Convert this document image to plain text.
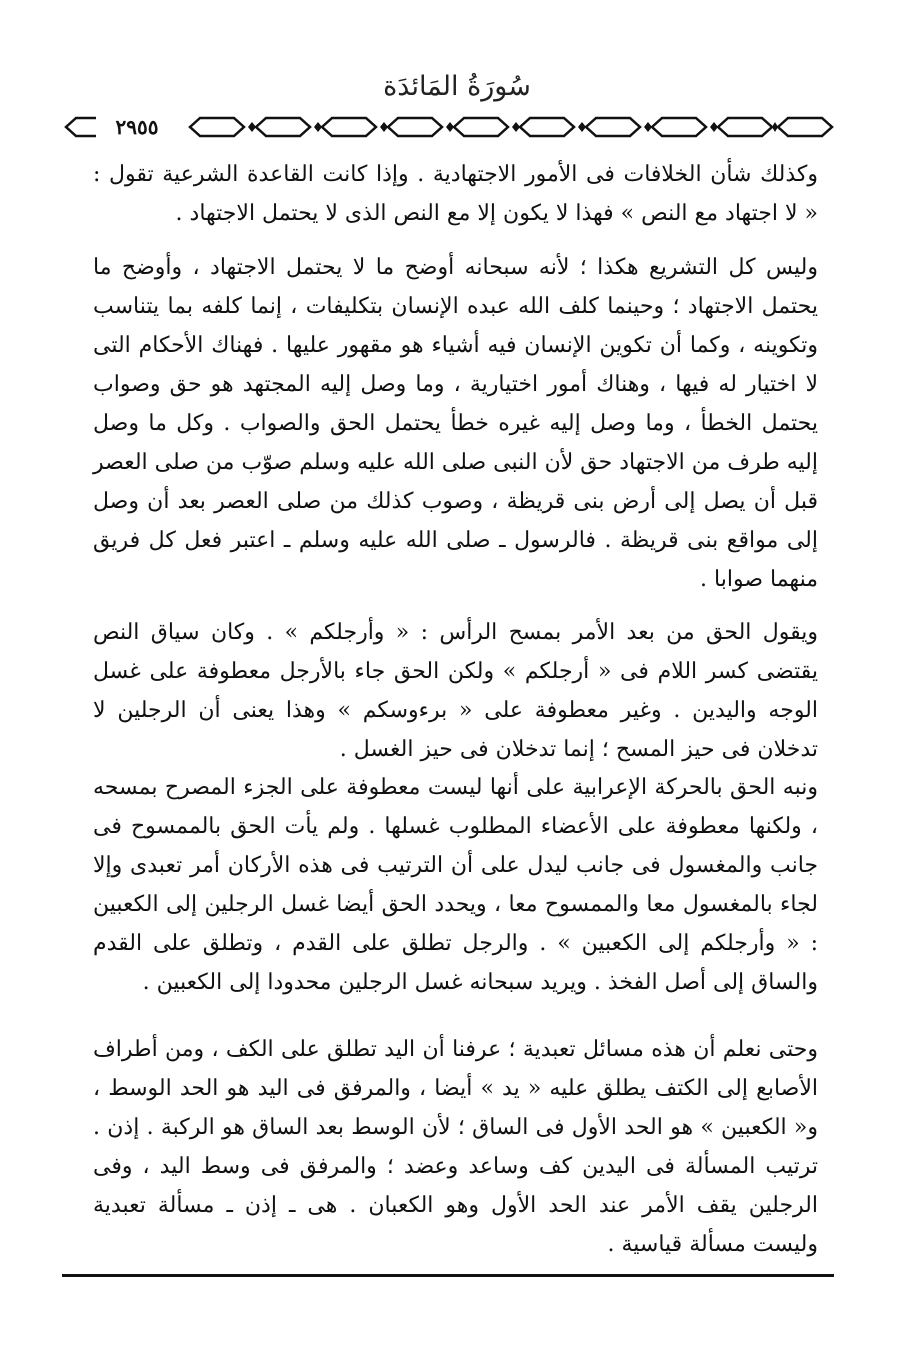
سُورَةُ المَائدَة
٢٩٥٥

وكذلك شأن الخلافات فى الأمور الاجتهادية . وإذا كانت القاعدة الشرعية تقول : « لا اجتهاد مع النص » فهذا لا يكون إلا مع النص الذى لا يحتمل الاجتهاد .

وليس كل التشريع هكذا ؛ لأنه سبحانه أوضح ما لا يحتمل الاجتهاد ، وأوضح ما يحتمل الاجتهاد ؛ وحينما كلف الله عبده الإنسان بتكليفات ، إنما كلفه بما يتناسب وتكوينه ، وكما أن تكوين الإنسان فيه أشياء هو مقهور عليها . فهناك الأحكام التى لا اختيار له فيها ، وهناك أمور اختيارية ، وما وصل إليه المجتهد هو حق وصواب يحتمل الخطأ ، وما وصل إليه غيره خطأ يحتمل الحق والصواب . وكل ما وصل إليه طرف من الاجتهاد حق لأن النبى صلى الله عليه وسلم صوّب من صلى العصر قبل أن يصل إلى أرض بنى قريظة ، وصوب كذلك من صلى العصر بعد أن وصل إلى مواقع بنى قريظة . فالرسول ـ صلى الله عليه وسلم ـ اعتبر فعل كل فريق منهما صوابا .

ويقول الحق من بعد الأمر بمسح الرأس : « وأرجلكم » . وكان سياق النص يقتضى كسر اللام فى « أرجلكم » ولكن الحق جاء بالأرجل معطوفة على غسل الوجه واليدين . وغير معطوفة على « برءوسكم » وهذا يعنى أن الرجلين لا تدخلان فى حيز المسح ؛ إنما تدخلان فى حيز الغسل .

ونبه الحق بالحركة الإعرابية على أنها ليست معطوفة على الجزء المصرح بمسحه ، ولكنها معطوفة على الأعضاء المطلوب غسلها . ولم يأت الحق بالممسوح فى جانب والمغسول فى جانب ليدل على أن الترتيب فى هذه الأركان أمر تعبدى وإلا لجاء بالمغسول معا والممسوح معا ، ويحدد الحق أيضا غسل الرجلين إلى الكعبين : « وأرجلكم إلى الكعبين » . والرجل تطلق على القدم ، وتطلق على القدم والساق إلى أصل الفخذ . ويريد سبحانه غسل الرجلين محدودا إلى الكعبين .

وحتى نعلم أن هذه مسائل تعبدية ؛ عرفنا أن اليد تطلق على الكف ، ومن أطراف الأصابع إلى الكتف يطلق عليه « يد » أيضا ، والمرفق فى اليد هو الحد الوسط ، و« الكعبين » هو الحد الأول فى الساق ؛ لأن الوسط بعد الساق هو الركبة . إذن . ترتيب المسألة فى اليدين كف وساعد وعضد ؛ والمرفق فى وسط اليد ، وفى الرجلين يقف الأمر عند الحد الأول وهو الكعبان . هى ـ إذن ـ مسألة تعبدية وليست مسألة قياسية .
